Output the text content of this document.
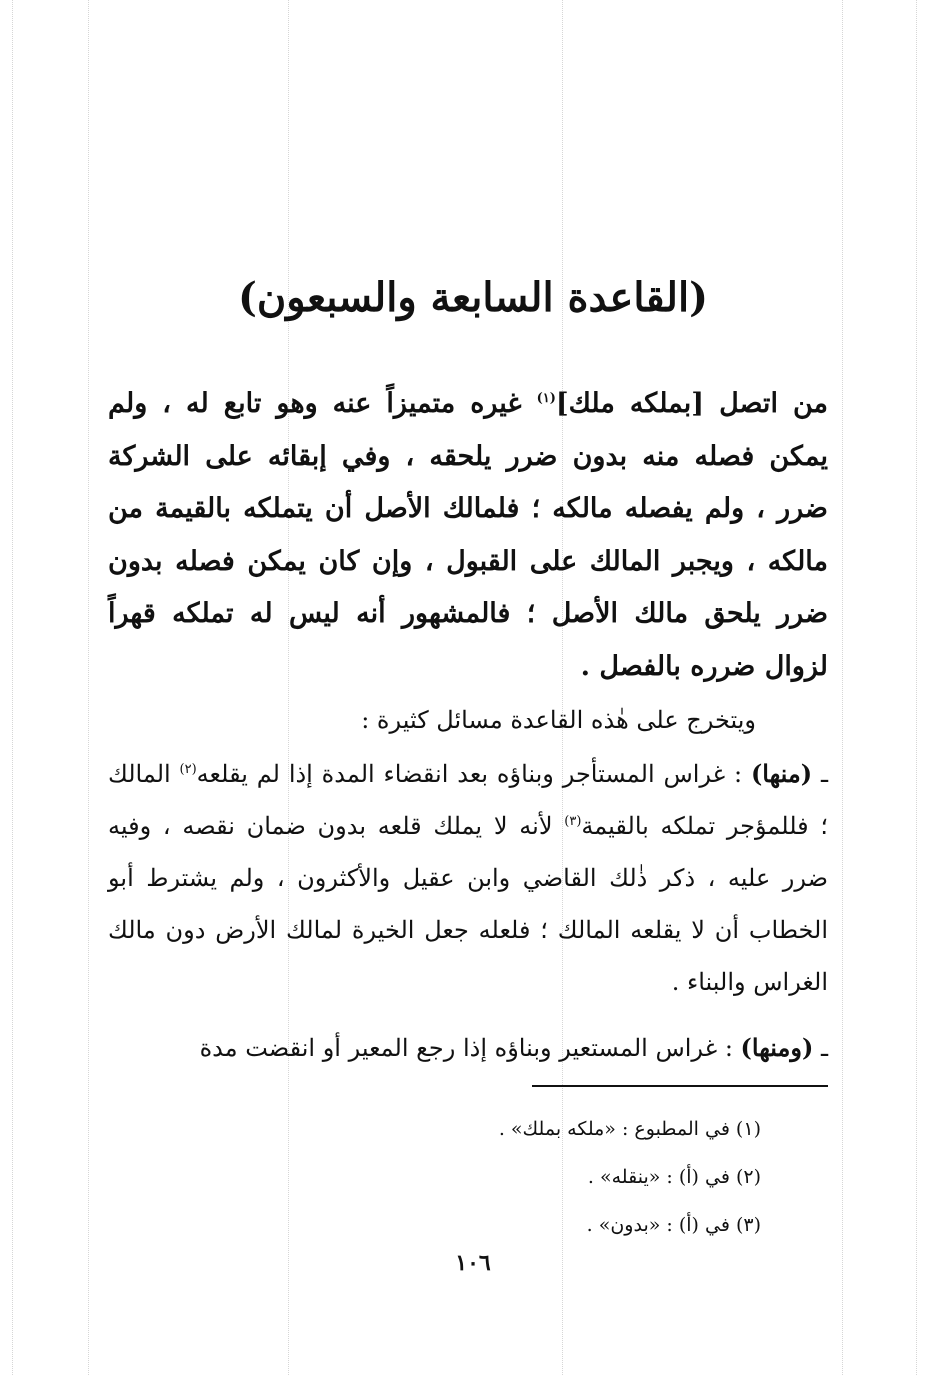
(القاعدة السابعة والسبعون)
من اتصل [بملكه ملك]$^{(١)}$ غيره متميزاً عنه وهو تابع له ، ولم يمكن فصله منه بدون ضرر يلحقه ، وفي إبقائه على الشركة ضرر ، ولم يفصله مالكه ؛ فلمالك الأصل أن يتملكه بالقيمة من مالكه ، ويجبر المالك على القبول ، وإن كان يمكن فصله بدون ضرر يلحق مالك الأصل ؛ فالمشهور أنه ليس له تملكه قهراً لزوال ضرره بالفصل .
ويتخرج على هٰذه القاعدة مسائل كثيرة :
ـ (منها) : غراس المستأجر وبناؤه بعد انقضاء المدة إذا لم يقلعه$^{(٢)}$ المالك ؛ فللمؤجر تملكه بالقيمة$^{(٣)}$ لأنه لا يملك قلعه بدون ضمان نقصه ، وفيه ضرر عليه ، ذكر ذٰلك القاضي وابن عقيل والأكثرون ، ولم يشترط أبو الخطاب أن لا يقلعه المالك ؛ فلعله جعل الخيرة لمالك الأرض دون مالك الغراس والبناء .
ـ (ومنها) : غراس المستعير وبناؤه إذا رجع المعير أو انقضت مدة
(١) في المطبوع : «ملكه بملك» .
(٢) في (أ) : «ينقله» .
(٣) في (أ) : «بدون» .
١٠٦
